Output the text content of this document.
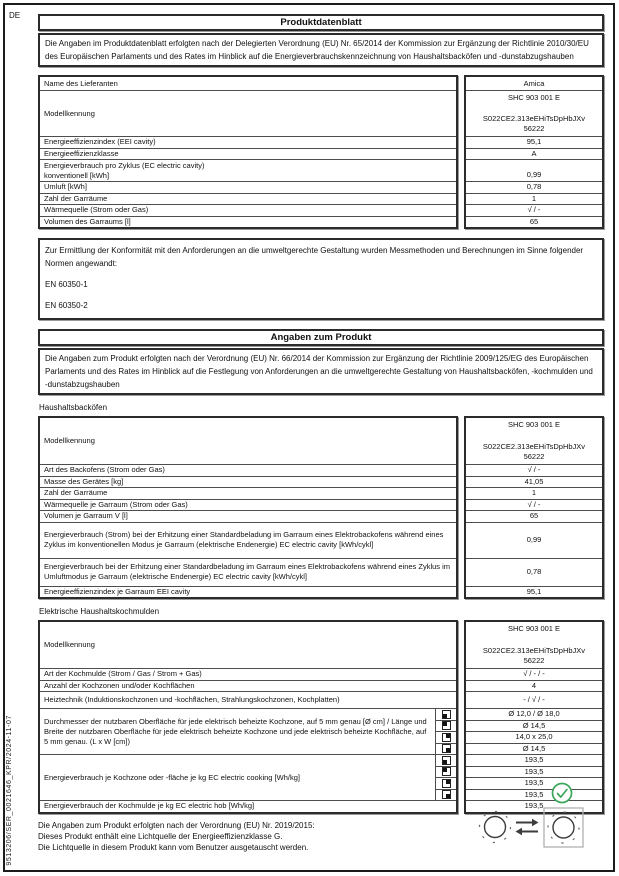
DE
9513206/SER_0021646_KPR/2024-11-07
Produktdatenblatt
Die Angaben im Produktdatenblatt erfolgten nach der Delegierten Verordnung (EU) Nr. 65/2014 der Kommission zur Ergänzung der Richtlinie 2010/30/EU des Europäischen Parlaments und des Rates im Hinblick auf die Energieverbrauchskennzeichnung von Haushaltsbacköfen und -dunstabzugshauben
Name des Lieferanten
Modellkennung
Energieeffizienzindex (EEI cavity)
Energieeffizienzklasse
Energieverbrauch pro Zyklus (EC electric cavity)
konventionell [kWh]
Umluft [kWh]
Zahl der Garräume
Wärmequelle (Strom oder Gas)
Volumen des Garraums [l]
Amica
SHC 903 001 E
S022CE2.313eEHiTsDpHbJXv
56222
95,1
A
0,99
0,78
1
√ / -
65
Zur Ermittlung der Konformität mit den Anforderungen an die umweltgerechte Gestaltung wurden Messmethoden und Berechnungen im Sinne folgender Normen angewandt:
EN 60350-1
EN 60350-2
Angaben zum Produkt
Die Angaben zum Produkt erfolgten nach der Verordnung (EU) Nr. 66/2014 der Kommission zur Ergänzung der Richtlinie 2009/125/EG des Europäischen Parlaments und des Rates im Hinblick auf die Festlegung von Anforderungen an die umweltgerechte Gestaltung von Haushaltsbacköfen, -kochmulden und -dunstabzugshauben
Haushaltsbacköfen
Modellkennung
Art des Backofens (Strom oder Gas)
Masse des Gerätes [kg]
Zahl der Garräume
Wärmequelle je Garraum (Strom oder Gas)
Volumen je Garraum V [l]
Energieverbrauch (Strom) bei der Erhitzung einer Standardbeladung im Garraum eines Elektrobackofens während eines Zyklus im konventionellen Modus je Garraum (elektrische Endenergie) EC electric cavity [kWh/cykl]
Energieverbrauch bei der Erhitzung einer Standardbeladung im Garraum eines Elektrobackofens während eines Zyklus im Umluftmodus je Garraum (elektrische Endenergie) EC electric cavity [kWh/cykl]
Energieeffizienzindex je Garraum EEI cavity
SHC 903 001 E
S022CE2.313eEHiTsDpHbJXv
56222
√ / -
41,05
1
√ / -
65
0,99
0,78
95,1
Elektrische Haushaltskochmulden
Modellkennung
Art der Kochmulde (Strom / Gas / Strom + Gas)
Anzahl der Kochzonen und/oder Kochflächen
Heiztechnik (Induktionskochzonen und -kochflächen, Strahlungskochzonen, Kochplatten)
Durchmesser der nutzbaren Oberfläche für jede elektrisch beheizte Kochzone, auf 5 mm genau [Ø cm] / Länge und Breite der nutzbaren Oberfläche für jede elektrisch beheizte Kochzone und jede elektrisch beheizte Kochfläche, auf 5 mm genau. (L x W [cm])
Energieverbrauch je Kochzone oder -fläche je kg EC electric cooking [Wh/kg]
Energieverbrauch der Kochmulde je kg EC electric hob [Wh/kg]
SHC 903 001 E
S022CE2.313eEHiTsDpHbJXv
56222
√ / - / -
4
- / √ / -
Ø 12,0 / Ø 18,0
Ø 14,5
14,0 x 25,0
Ø 14,5
193,5
193,5
193,5
193,5
193,5
Die Angaben zum Produkt erfolgten nach der Verordnung (EU) Nr. 2019/2015:
Dieses Produkt enthält eine Lichtquelle der Energieeffizienzklasse G.
Die Lichtquelle in diesem Produkt kann vom Benutzer ausgetauscht werden.
